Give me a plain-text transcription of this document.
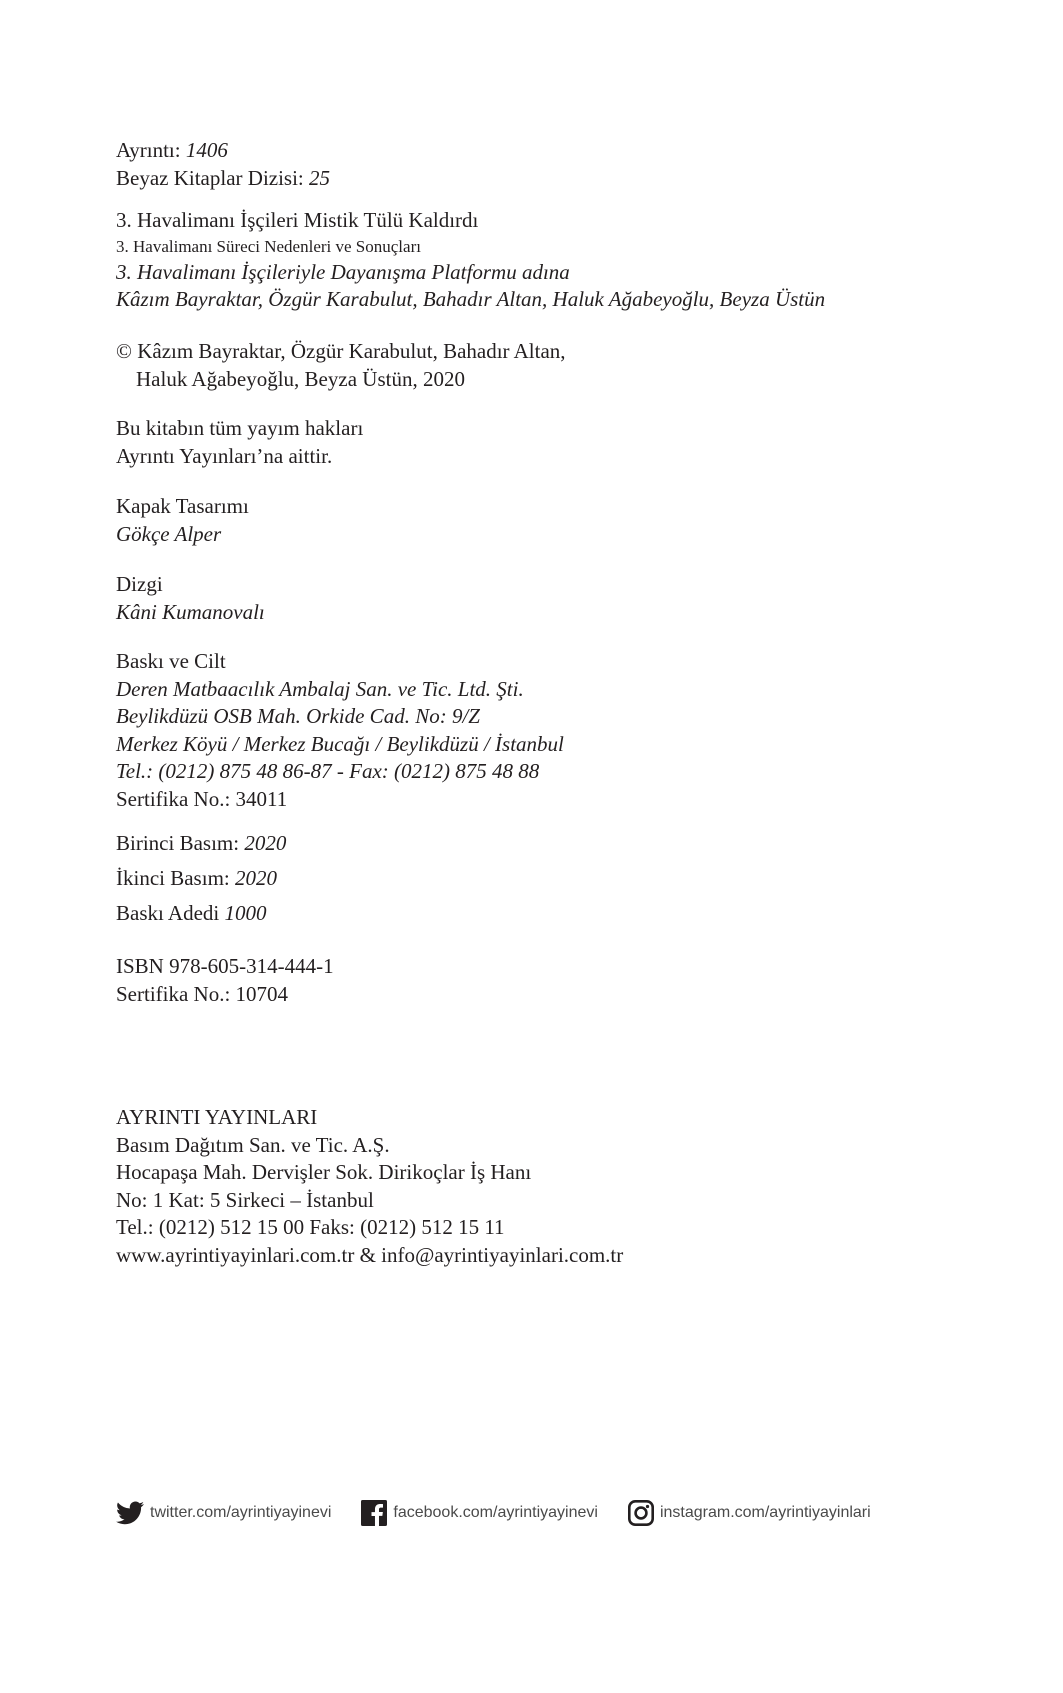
Ayrıntı: 1406
Beyaz Kitaplar Dizisi: 25
3. Havalimanı İşçileri Mistik Tülü Kaldırdı
3. Havalimanı Süreci Nedenleri ve Sonuçları
3. Havalimanı İşçileriyle Dayanışma Platformu adına
Kâzım Bayraktar, Özgür Karabulut, Bahadır Altan, Haluk Ağabeyoğlu, Beyza Üstün
© Kâzım Bayraktar, Özgür Karabulut, Bahadır Altan,
Haluk Ağabeyoğlu, Beyza Üstün, 2020
Bu kitabın tüm yayım hakları
Ayrıntı Yayınları’na aittir.
Kapak Tasarımı
Gökçe Alper
Dizgi
Kâni Kumanovalı
Baskı ve Cilt
Deren Matbaacılık Ambalaj San. ve Tic. Ltd. Şti.
Beylikdüzü OSB Mah. Orkide Cad. No: 9/Z
Merkez Köyü / Merkez Bucağı / Beylikdüzü / İstanbul
Tel.: (0212) 875 48 86-87 - Fax: (0212) 875 48 88
Sertifika No.: 34011
Birinci Basım: 2020
İkinci Basım: 2020
Baskı Adedi 1000
ISBN 978-605-314-444-1
Sertifika No.: 10704
AYRINTI YAYINLARI
Basım Dağıtım San. ve Tic. A.Ş.
Hocapaşa Mah. Dervişler Sok. Dirikoçlar İş Hanı
No: 1 Kat: 5 Sirkeci – İstanbul
Tel.: (0212) 512 15 00 Faks: (0212) 512 15 11
www.ayrintiyayinlari.com.tr & info@ayrintiyayinlari.com.tr
twitter.com/ayrintiyayinevi	facebook.com/ayrintiyayinevi	instagram.com/ayrintiyayinlari
